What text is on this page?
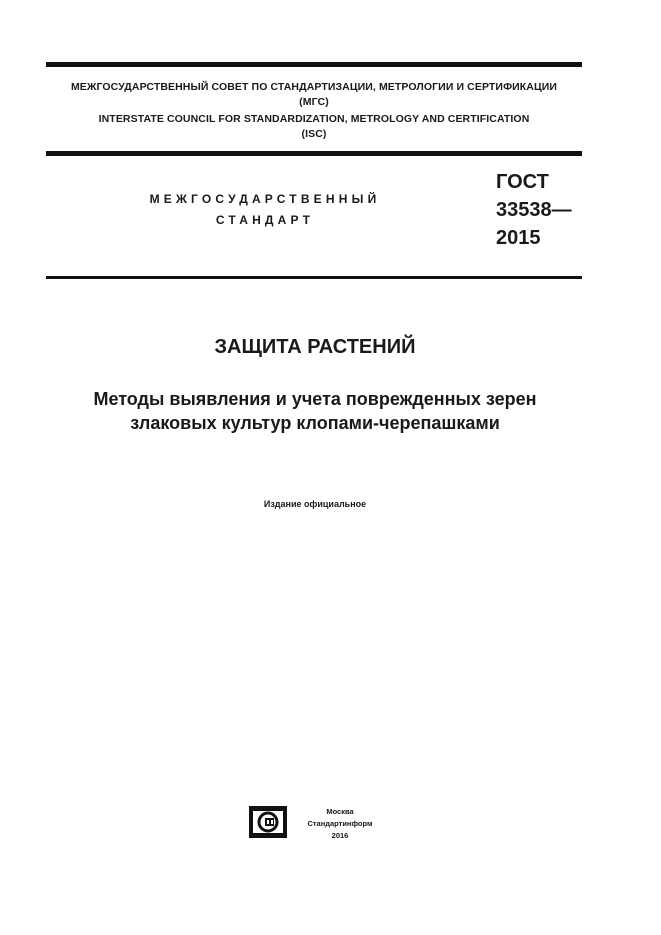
МЕЖГОСУДАРСТВЕННЫЙ СОВЕТ ПО СТАНДАРТИЗАЦИИ, МЕТРОЛОГИИ И СЕРТИФИКАЦИИ
(МГС)
INTERSTATE COUNCIL FOR STANDARDIZATION, METROLOGY AND CERTIFICATION
(ISC)
МЕЖГОСУДАРСТВЕННЫЙ
СТАНДАРТ
ГОСТ
33538—
2015
ЗАЩИТА РАСТЕНИЙ
Методы выявления и учета поврежденных зерен
злаковых культур клопами-черепашками
Издание официальное
Москва
Стандартинформ
2016
